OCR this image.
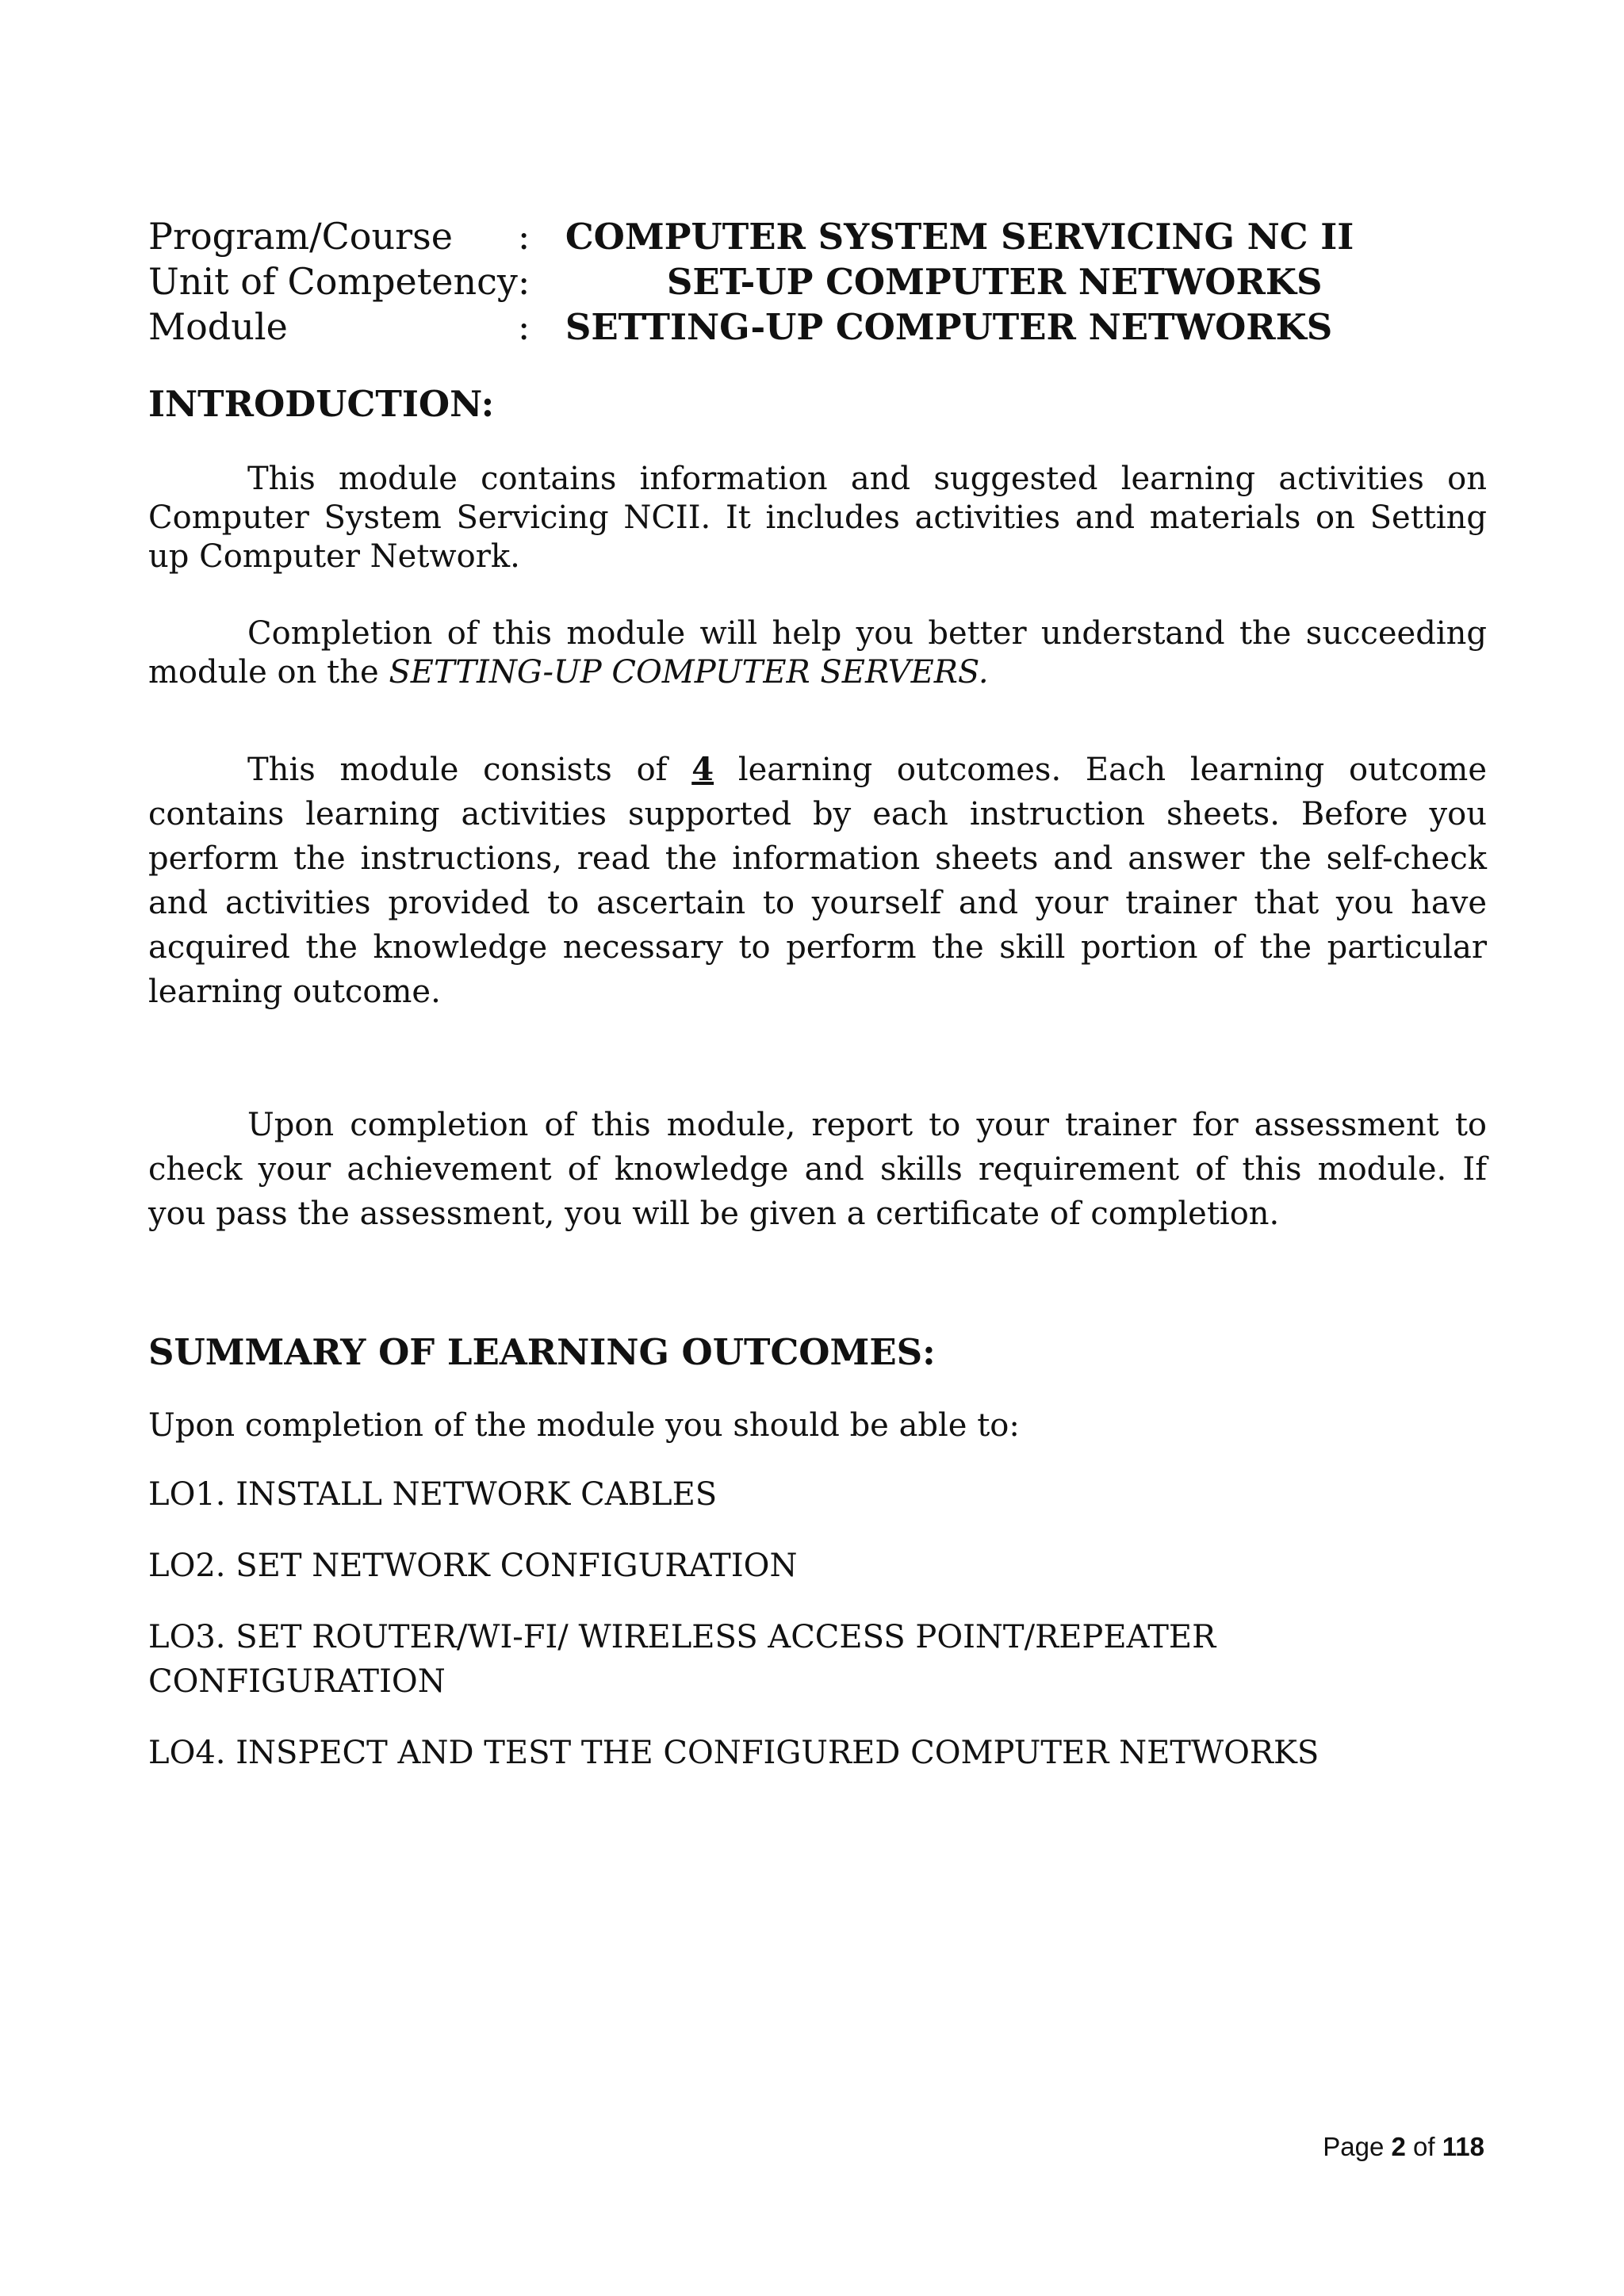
Program/Course	:	COMPUTER SYSTEM SERVICING NC II
Unit of Competency	:	SET-UP COMPUTER NETWORKS
Module	:	SETTING-UP COMPUTER NETWORKS
INTRODUCTION:

This module contains information and suggested learning activities on Computer System Servicing NCII. It includes activities and materials on Setting up Computer Network.

Completion of this module will help you better understand the succeeding module on the SETTING-UP COMPUTER SERVERS.

This module consists of 4 learning outcomes. Each learning outcome contains learning activities supported by each instruction sheets. Before you perform the instructions, read the information sheets and answer the self-check and activities provided to ascertain to yourself and your trainer that you have acquired the knowledge necessary to perform the skill portion of the particular learning outcome.

Upon completion of this module, report to your trainer for assessment to check your achievement of knowledge and skills requirement of this module. If you pass the assessment, you will be given a certificate of completion.

SUMMARY OF LEARNING OUTCOMES:

Upon completion of the module you should be able to:

LO1. INSTALL NETWORK CABLES

LO2. SET NETWORK CONFIGURATION

LO3. SET ROUTER/WI-FI/ WIRELESS ACCESS POINT/REPEATER CONFIGURATION

LO4. INSPECT AND TEST THE CONFIGURED COMPUTER NETWORKS

Page 2 of 118
